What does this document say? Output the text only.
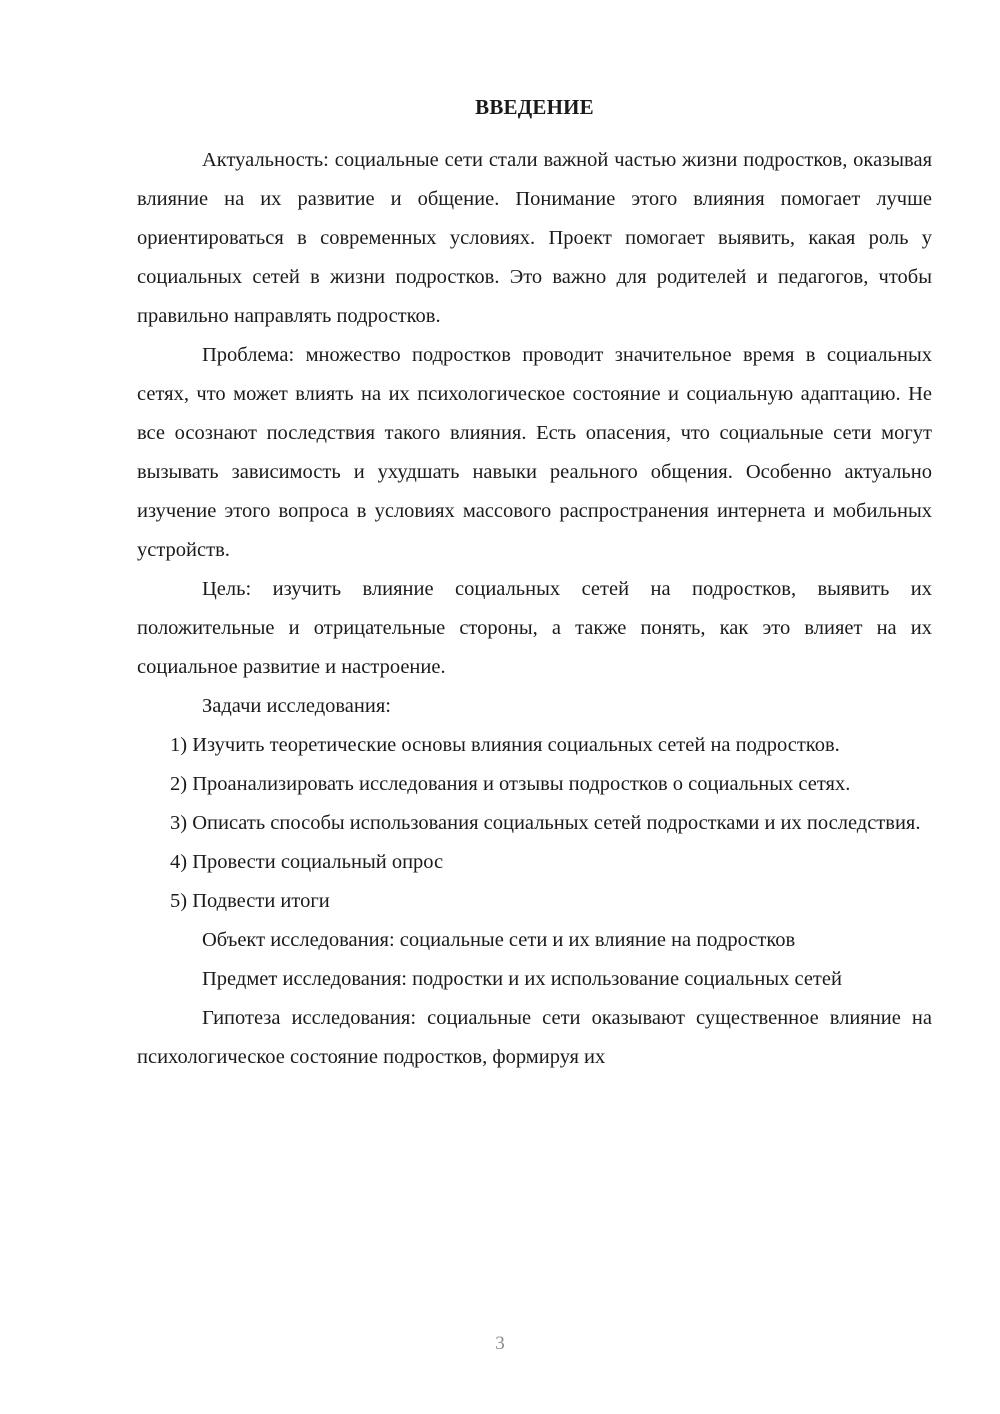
ВВЕДЕНИЕ

Актуальность: социальные сети стали важной частью жизни подростков, оказывая влияние на их развитие и общение. Понимание этого влияния помогает лучше ориентироваться в современных условиях. Проект помогает выявить, какая роль у социальных сетей в жизни подростков. Это важно для родителей и педагогов, чтобы правильно направлять подростков.

Проблема: множество подростков проводит значительное время в социальных сетях, что может влиять на их психологическое состояние и социальную адаптацию. Не все осознают последствия такого влияния. Есть опасения, что социальные сети могут вызывать зависимость и ухудшать навыки реального общения. Особенно актуально изучение этого вопроса в условиях массового распространения интернета и мобильных устройств.

Цель: изучить влияние социальных сетей на подростков, выявить их положительные и отрицательные стороны, а также понять, как это влияет на их социальное развитие и настроение.

Задачи исследования:

1) Изучить теоретические основы влияния социальных сетей на подростков.

2) Проанализировать исследования и отзывы подростков о социальных сетях.

3) Описать способы использования социальных сетей подростками и их последствия.

4) Провести социальный опрос

5) Подвести итоги

Объект исследования: социальные сети и их влияние на подростков

Предмет исследования: подростки и их использование социальных сетей

Гипотеза исследования: социальные сети оказывают существенное влияние на психологическое состояние подростков, формируя их

3
